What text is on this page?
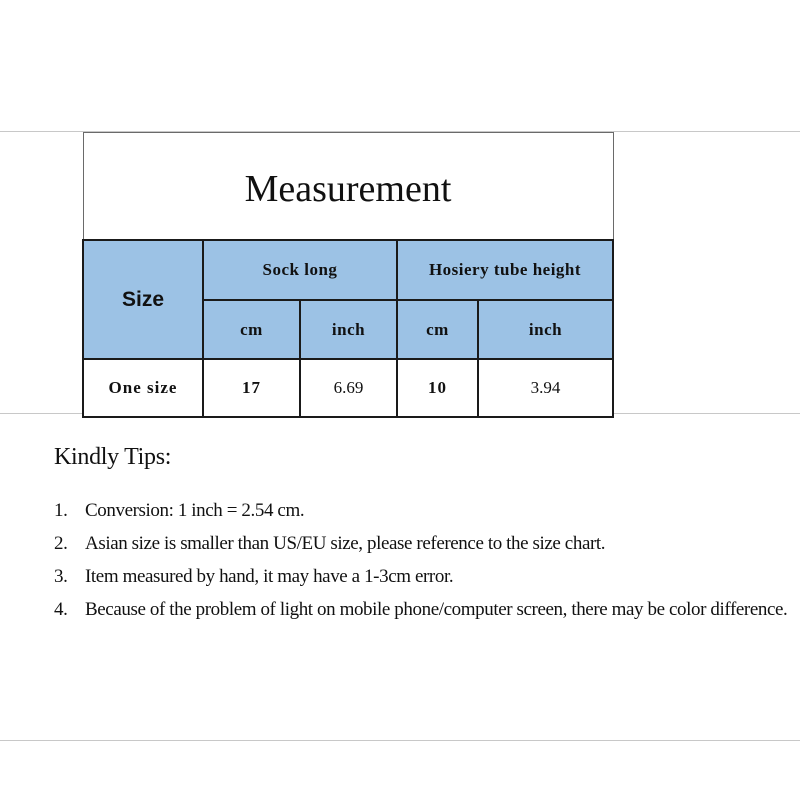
Measurement				
Size	Sock long		Hosiery tube height	
	cm	inch	cm	inch
One size	17	6.69	10	3.94
Kindly Tips:
1. Conversion: 1 inch = 2.54 cm.
2. Asian size is smaller than US/EU size, please reference to the size chart.
3. Item measured by hand, it may have a 1-3cm error.
4. Because of the problem of light on mobile phone/computer screen, there may be color difference.
